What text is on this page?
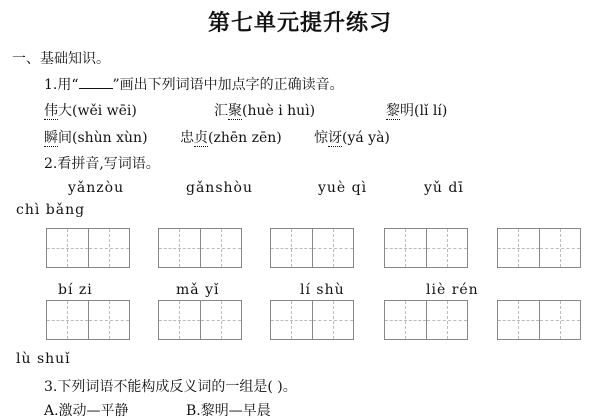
第七单元提升练习
一、基础知识。
1.用“ ”画出下列词语中加点字的正确读音。
伟大(wěi wēi)	汇聚(huè i huì)	黎明(lǐ lí)
瞬间(shùn xùn) 忠贞(zhēn zēn) 惊讶(yá yà)
2.看拼音,写词语。
yǎnzòu	gǎnshòu	yuè qì	yǔ dī
chì bǎng
bí zi	mǎ yǐ	lí shù	liè rén
lù shuǐ
3.下列词语不能构成反义词的一组是( )。
A.激动—平静	B.黎明—早晨
